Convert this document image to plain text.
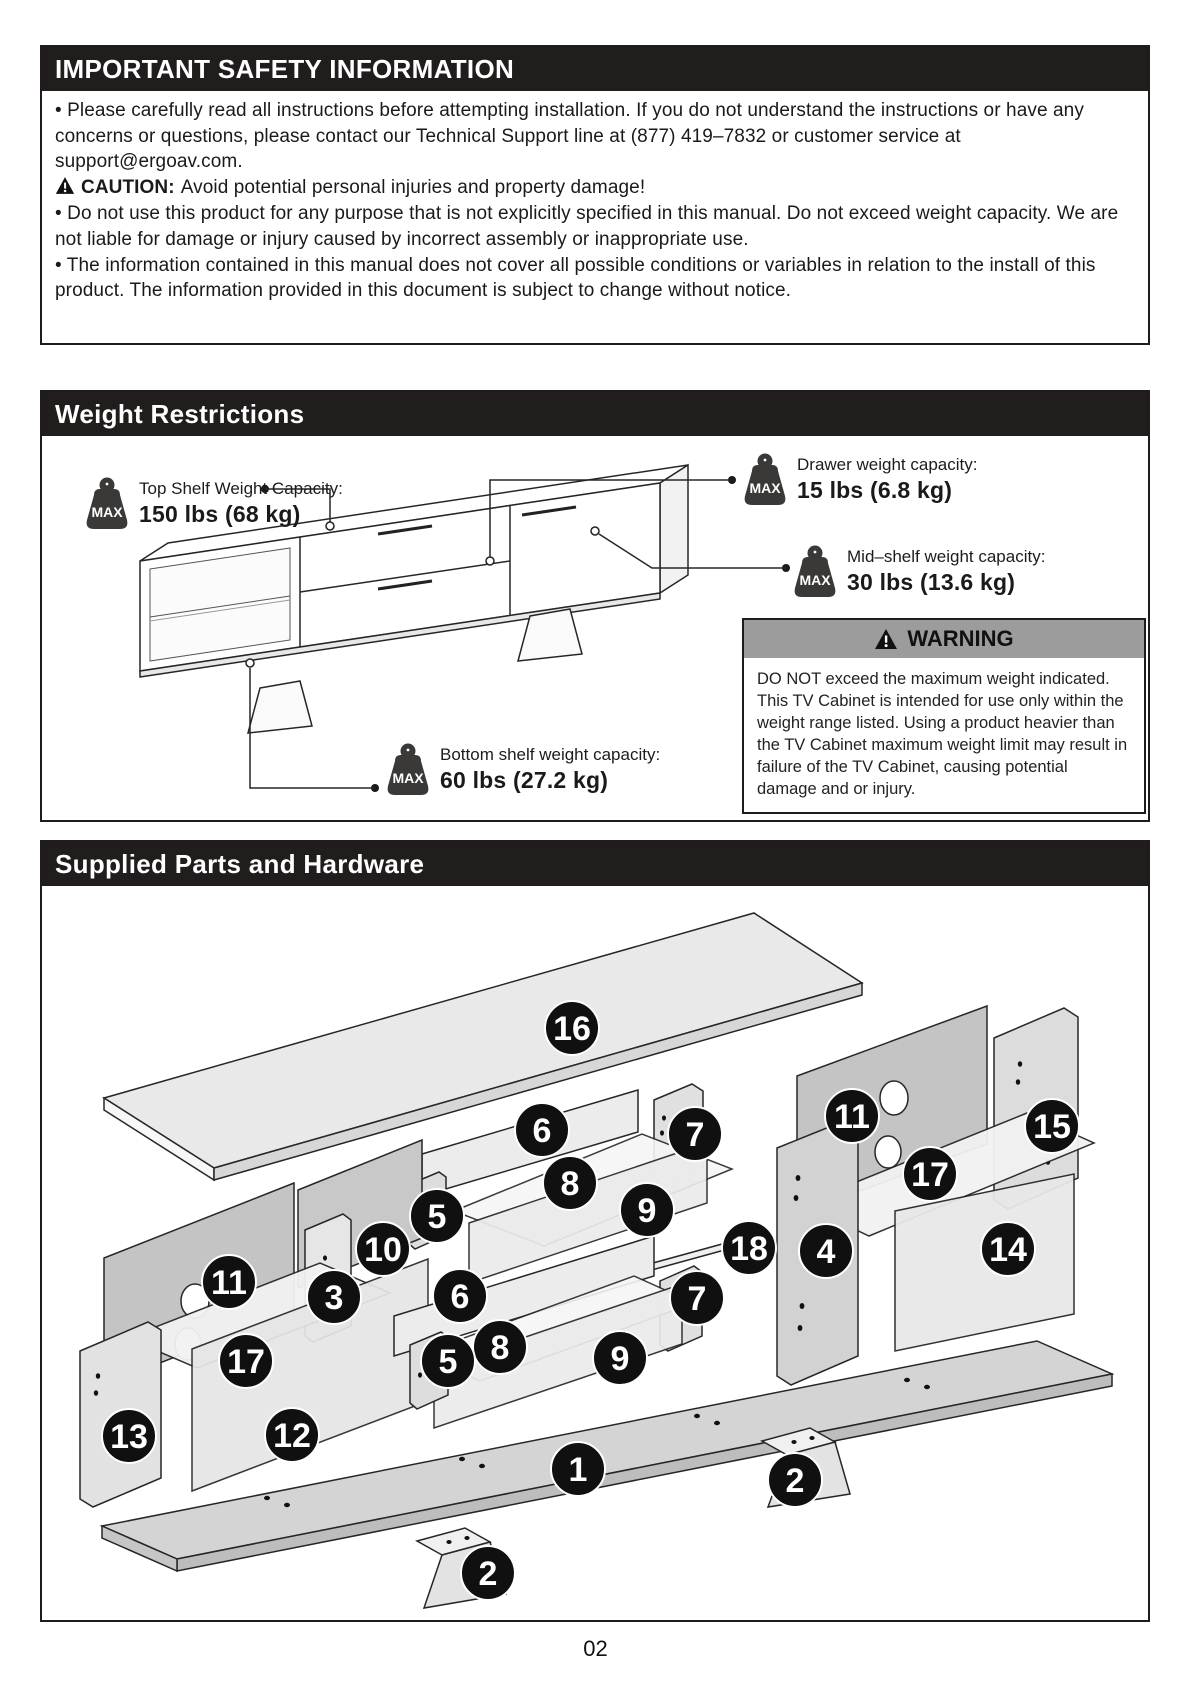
IMPORTANT SAFETY INFORMATION

• Please carefully read all instructions before attempting installation. If you do not understand the instructions or have any concerns or questions, please contact our Technical Support line at (877) 419–7832 or customer service at support@ergoav.com.

CAUTION: Avoid potential personal injuries and property damage!

• Do not use this product for any purpose that is not explicitly specified in this manual. Do not exceed weight capacity. We are not liable for damage or injury caused by incorrect assembly or inappropriate use.

• The information contained in this manual does not cover all possible conditions or variables in relation to the install of this product. The information provided in this document is subject to change without notice.

Weight Restrictions
MAX
Top Shelf Weight Capacity:
150 lbs (68 kg)
MAX
Drawer weight capacity:
15 lbs (6.8 kg)
MAX
Mid–shelf weight capacity:
30 lbs (13.6 kg)
MAX
Bottom shelf weight capacity:
60 lbs (27.2 kg)
WARNING
DO NOT exceed the maximum weight indicated. This TV Cabinet is intended for use only within the weight range listed. Using a product heavier than the TV Cabinet maximum weight limit may result in failure of the TV Cabinet, causing potential damage and or injury.
Supplied Parts and Hardware
16
6	7
8
9
5
11	15
17
10	18 4	14
11 3	6	7
8
17	5	9
13	12
1	2
2
02
